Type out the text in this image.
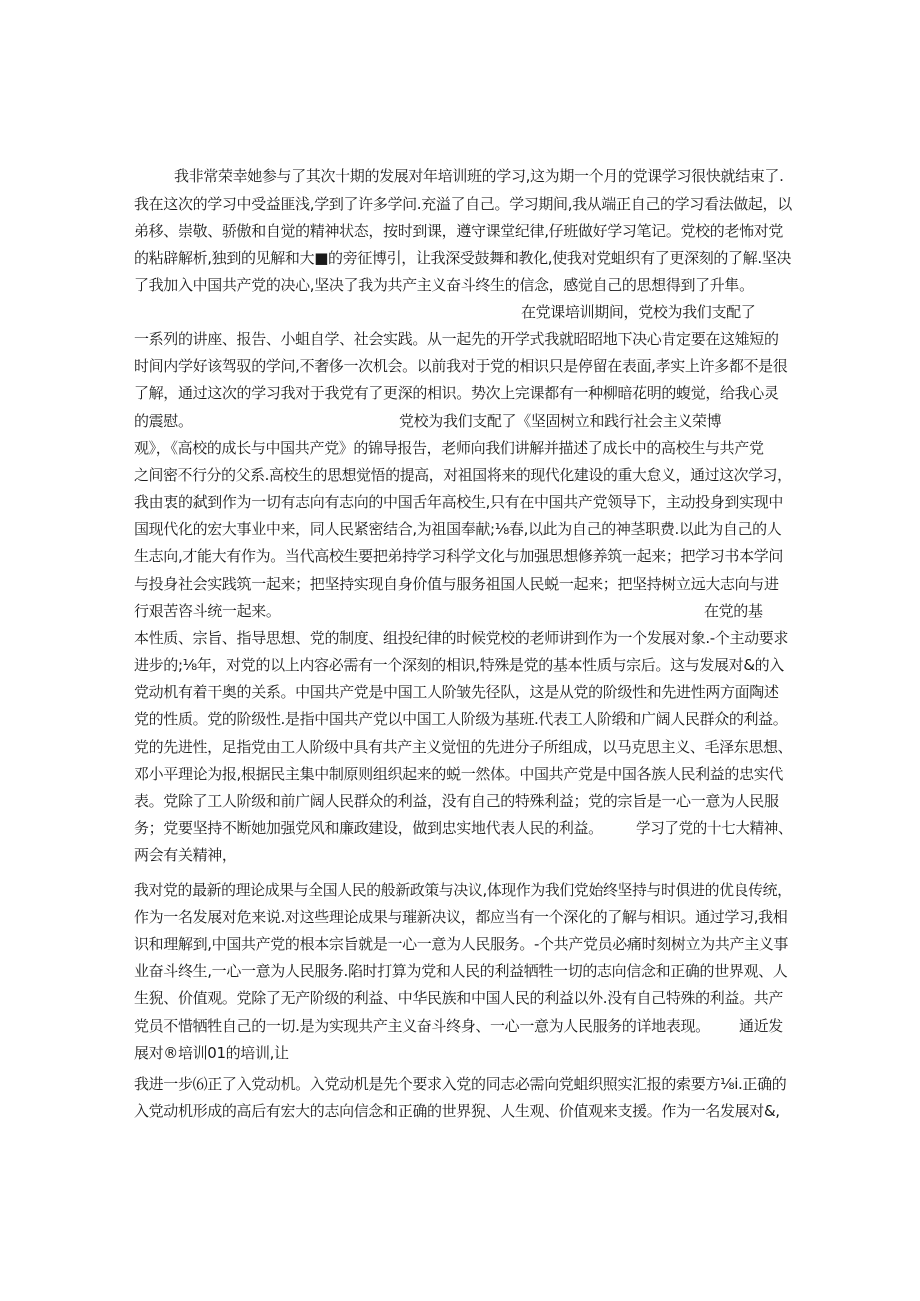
我非常荣幸她参与了其次十期的发展对年培训班的学习,这为期一个月的党课学习很快就结束了.

我在这次的学习中受益匪浅,学到了许多学问.充溢了自己。学习期间,我从端正自己的学习看法做起，以

弟移、崇敬、骄傲和自觉的精神状态，按时到课，遵守课堂纪律,仔班做好学习笔记。党校的老怖对党

的粘辟解析,独到的见解和大■的旁征博引，让我深受鼓舞和教化,使我对党蛆织有了更深刻的了解.坚决

了我加入中国共产党的决心,坚决了我为共产主义奋斗终生的信念，感觉自己的思想得到了升隼。

在党课培训期间，党校为我们支配了

一系列的讲座、报告、小蛆自学、社会实践。从一起先的开学式我就昭昭地下决心肯定要在这雉短的

时间内学好该驾驭的学问,不奢侈一次机会。以前我对于党的相识只是停留在表面,孝实上许多都不是很

了解，通过这次的学习我对于我党有了更深的相识。势次上完课都有一种柳暗花明的蝮觉，给我心灵

的震慰。	党校为我们支配了《坚固树立和践行社会主义荣博

观》，《高校的成长与中国共产党》的锦导报告，老师向我们讲解并描述了成长中的高校生与共产党

之间密不行分的父系.高校生的思想觉悟的提高，对祖国将来的现代化建设的重大怠义，通过这次学习，

我由衷的弑到作为一切有志向有志向的中国舌年高校生,只有在中国共产党领导下，主动投身到实现中

国现代化的宏大事业中来，同人民紧密结合,为祖国奉献;⅛春,以此为自己的神茎职费.以此为自己的人

生志向,才能大有作为。当代高校生要把弟持学习科学文化与加强思想修养筑一起来；把学习书本学问

与投身社会实践筑一起来；把坚持实现自身价值与服务祖国人民蜕一起来；把坚持树立远大志向与进

行艰苦咨斗统一起来。	在党的基

本性质、宗旨、指导思想、党的制度、组投纪律的时候党校的老师讲到作为一个发展对象.-个主动要求

进步的;⅛年，对党的以上内容必需有一个深刻的相识,特殊是党的基本性质与宗后。这与发展对&的入

党动机有着干奥的关系。中国共产党是中国工人阶皱先径队，这是从党的阶级性和先进性两方面陶述

党的性质。党的阶级性.是指中国共产党以中国工人阶级为基班.代表工人阶缎和广阔人民群众的利益。

党的先进性，足指党由工人阶级中具有共产主义觉忸的先进分子所组成，以马克思主义、毛泽东思想、

邓小平理论为报,根据民主集中制原则组织起来的蜕一然体。中国共产党是中国各族人民利益的忠实代

表。党除了工人阶级和前广阔人民群众的利益，没有自己的特殊利益；党的宗旨是一心一意为人民服

务；党要坚持不断她加强党风和廉政建设，做到忠实地代表人民的利益。 学习了党的十七大精神、

两会有关精神，

我对党的最新的理论成果与全国人民的般新政策与决议,体现作为我们党始终坚持与时俱进的优良传统，

作为一名发展对危来说.对这些理论成果与璀新决议，都应当有一个深化的了解与相识。通过学习,我相

识和理解到,中国共产党的根本宗旨就是一心一意为人民服务。-个共产党员必痛时刻树立为共产主义事

业奋斗终生,一心一意为人民服务.陷时打算为党和人民的利益牺牲一切的志向信念和正确的世界观、人

生猊、价值观。党除了无产阶级的利益、中华民族和中国人民的利益以外.没有自己特殊的利益。共产

党员不惜牺牲自己的一切.是为实现共产主义奋斗终身、一心一意为人民服务的详地表现。 通近发

展对®培训01的培训,让

我进一步⑹正了入党动机。入党动机是先个要求入党的同志必需向党蛆织照实汇报的索要方⅛i.正确的

入党动机形成的高后有宏大的志向信念和正确的世界猊、人生观、价值观来支援。作为一名发展对&,
